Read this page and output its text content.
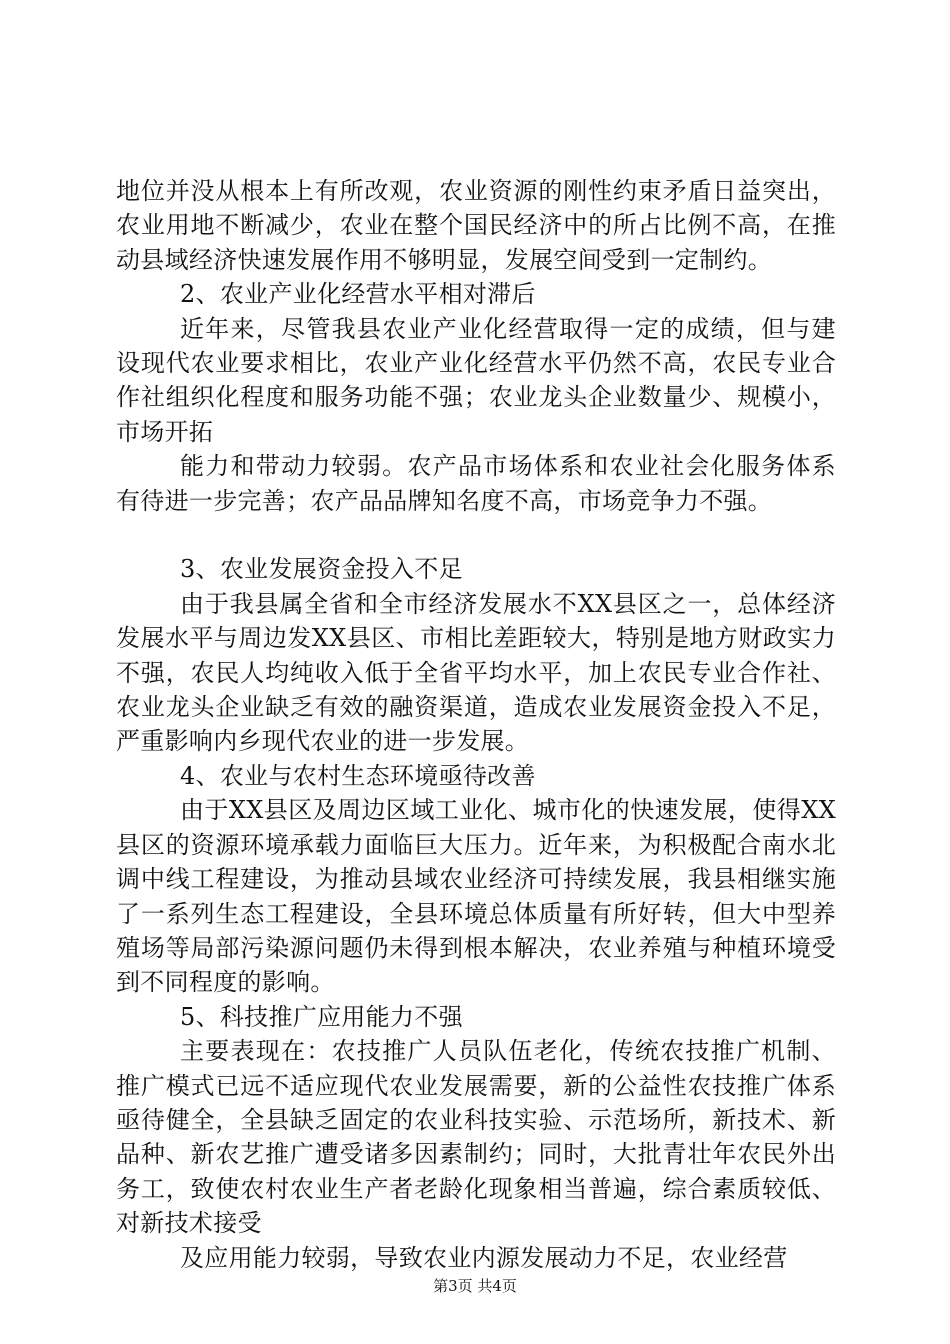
地位并没从根本上有所改观，农业资源的刚性约束矛盾日益突出，农业用地不断减少，农业在整个国民经济中的所占比例不高，在推动县域经济快速发展作用不够明显，发展空间受到一定制约。

2、农业产业化经营水平相对滞后

近年来，尽管我县农业产业化经营取得一定的成绩，但与建设现代农业要求相比，农业产业化经营水平仍然不高，农民专业合作社组织化程度和服务功能不强；农业龙头企业数量少、规模小，市场开拓

能力和带动力较弱。农产品市场体系和农业社会化服务体系有待进一步完善；农产品品牌知名度不高，市场竞争力不强。

3、农业发展资金投入不足

由于我县属全省和全市经济发展水不XX县区之一，总体经济发展水平与周边发XX县区、市相比差距较大，特别是地方财政实力不强，农民人均纯收入低于全省平均水平，加上农民专业合作社、农业龙头企业缺乏有效的融资渠道，造成农业发展资金投入不足，严重影响内乡现代农业的进一步发展。

4、农业与农村生态环境亟待改善

由于XX县区及周边区域工业化、城市化的快速发展，使得XX县区的资源环境承载力面临巨大压力。近年来，为积极配合南水北调中线工程建设，为推动县域农业经济可持续发展，我县相继实施了一系列生态工程建设，全县环境总体质量有所好转，但大中型养殖场等局部污染源问题仍未得到根本解决，农业养殖与种植环境受到不同程度的影响。

5、科技推广应用能力不强

主要表现在：农技推广人员队伍老化，传统农技推广机制、推广模式已远不适应现代农业发展需要，新的公益性农技推广体系亟待健全，全县缺乏固定的农业科技实验、示范场所，新技术、新品种、新农艺推广遭受诸多因素制约；同时，大批青壮年农民外出务工，致使农村农业生产者老龄化现象相当普遍，综合素质较低、对新技术接受

及应用能力较弱，导致农业内源发展动力不足，农业经营

第3页 共4页
